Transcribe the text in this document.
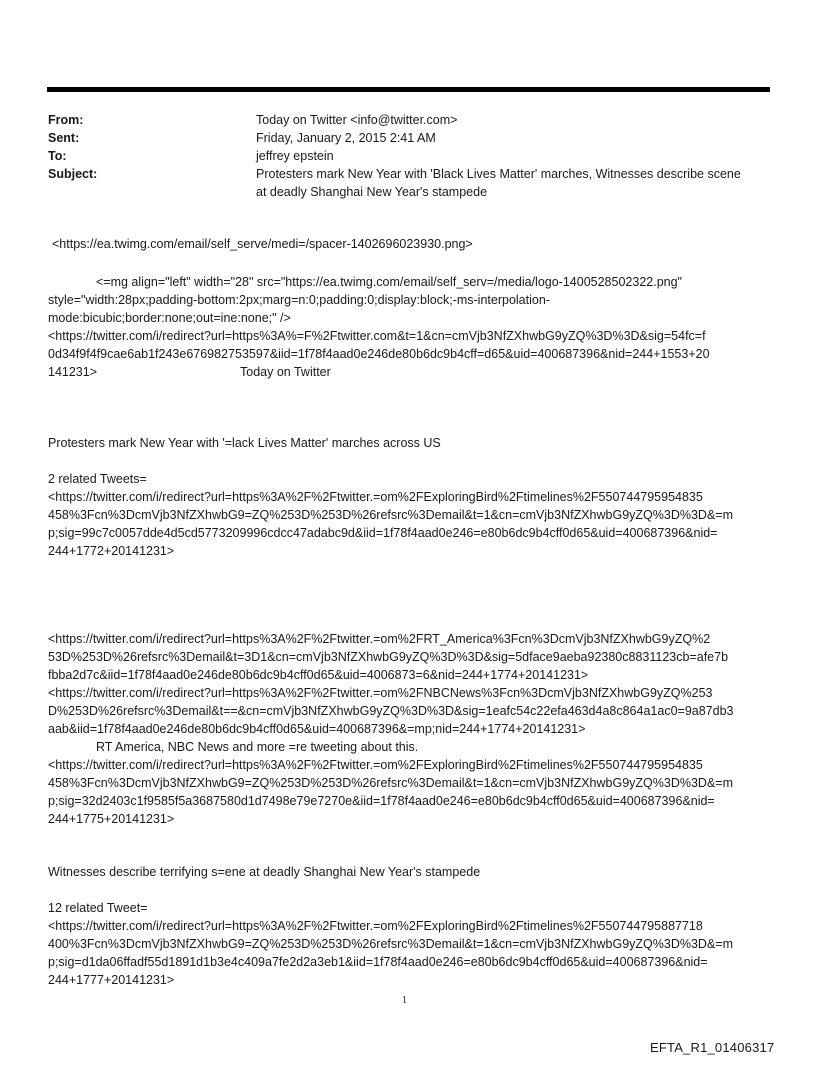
From:	Today on Twitter <info@twitter.com>
Sent:	Friday, January 2, 2015 2:41 AM
To:	jeffrey epstein
Subject:	Protesters mark New Year with 'Black Lives Matter' marches, Witnesses describe scene
at deadly Shanghai New Year's stampede
<https://ea.twimg.com/email/self_serve/medi=/spacer-1402696023930.png>
<=mg align="left" width="28" src="https://ea.twimg.com/email/self_serv=/media/logo-1400528502322.png"
style="width:28px;padding-bottom:2px;marg=n:0;padding:0;display:block;-ms-interpolation-
mode:bicubic;border:none;out=ine:none;" />
<https://twitter.com/i/redirect?url=https%3A%=F%2Ftwitter.com&t=1&cn=cmVjb3NfZXhwbG9yZQ%3D%3D&sig=54fc=f
0d34f9f4f9cae6ab1f243e676982753597&iid=1f78f4aad0e246de80b6dc9b4cff=d65&uid=400687396&nid=244+1553+20
141231>	Today on Twitter
Protesters mark New Year with '=lack Lives Matter' marches across US
2 related Tweets=
<https://twitter.com/i/redirect?url=https%3A%2F%2Ftwitter.=om%2FExploringBird%2Ftimelines%2F550744795954835
458%3Fcn%3DcmVjb3NfZXhwbG9=ZQ%253D%253D%26refsrc%3Demail&t=1&cn=cmVjb3NfZXhwbG9yZQ%3D%3D&=m
p;sig=99c7c0057dde4d5cd5773209996cdcc47adabc9d&iid=1f78f4aad0e246=e80b6dc9b4cff0d65&uid=400687396&nid=
244+1772+20141231>
<https://twitter.com/i/redirect?url=https%3A%2F%2Ftwitter.=om%2FRT_America%3Fcn%3DcmVjb3NfZXhwbG9yZQ%2
53D%253D%26refsrc%3Demail&t=3D1&cn=cmVjb3NfZXhwbG9yZQ%3D%3D&sig=5dface9aeba92380c8831123cb=afe7b
fbba2d7c&iid=1f78f4aad0e246de80b6dc9b4cff0d65&uid=4006873=6&nid=244+1774+20141231>
<https://twitter.com/i/redirect?url=https%3A%2F%2Ftwitter.=om%2FNBCNews%3Fcn%3DcmVjb3NfZXhwbG9yZQ%253
D%253D%26refsrc%3Demail&t==&cn=cmVjb3NfZXhwbG9yZQ%3D%3D&sig=1eafc54c22efa463d4a8c864a1ac0=9a87db3
aab&iid=1f78f4aad0e246de80b6dc9b4cff0d65&uid=400687396&=mp;nid=244+1774+20141231>
RT America, NBC News and more =re tweeting about this.
<https://twitter.com/i/redirect?url=https%3A%2F%2Ftwitter.=om%2FExploringBird%2Ftimelines%2F550744795954835
458%3Fcn%3DcmVjb3NfZXhwbG9=ZQ%253D%253D%26refsrc%3Demail&t=1&cn=cmVjb3NfZXhwbG9yZQ%3D%3D&=m
p;sig=32d2403c1f9585f5a3687580d1d7498e79e7270e&iid=1f78f4aad0e246=e80b6dc9b4cff0d65&uid=400687396&nid=
244+1775+20141231>
Witnesses describe terrifying s=ene at deadly Shanghai New Year's stampede
12 related Tweet=
<https://twitter.com/i/redirect?url=https%3A%2F%2Ftwitter.=om%2FExploringBird%2Ftimelines%2F550744795887718
400%3Fcn%3DcmVjb3NfZXhwbG9=ZQ%253D%253D%26refsrc%3Demail&t=1&cn=cmVjb3NfZXhwbG9yZQ%3D%3D&=m
p;sig=d1da06ffadf55d1891d1b3e4c409a7fe2d2a3eb1&iid=1f78f4aad0e246=e80b6dc9b4cff0d65&uid=400687396&nid=
244+1777+20141231>
1
EFTA_R1_01406317
